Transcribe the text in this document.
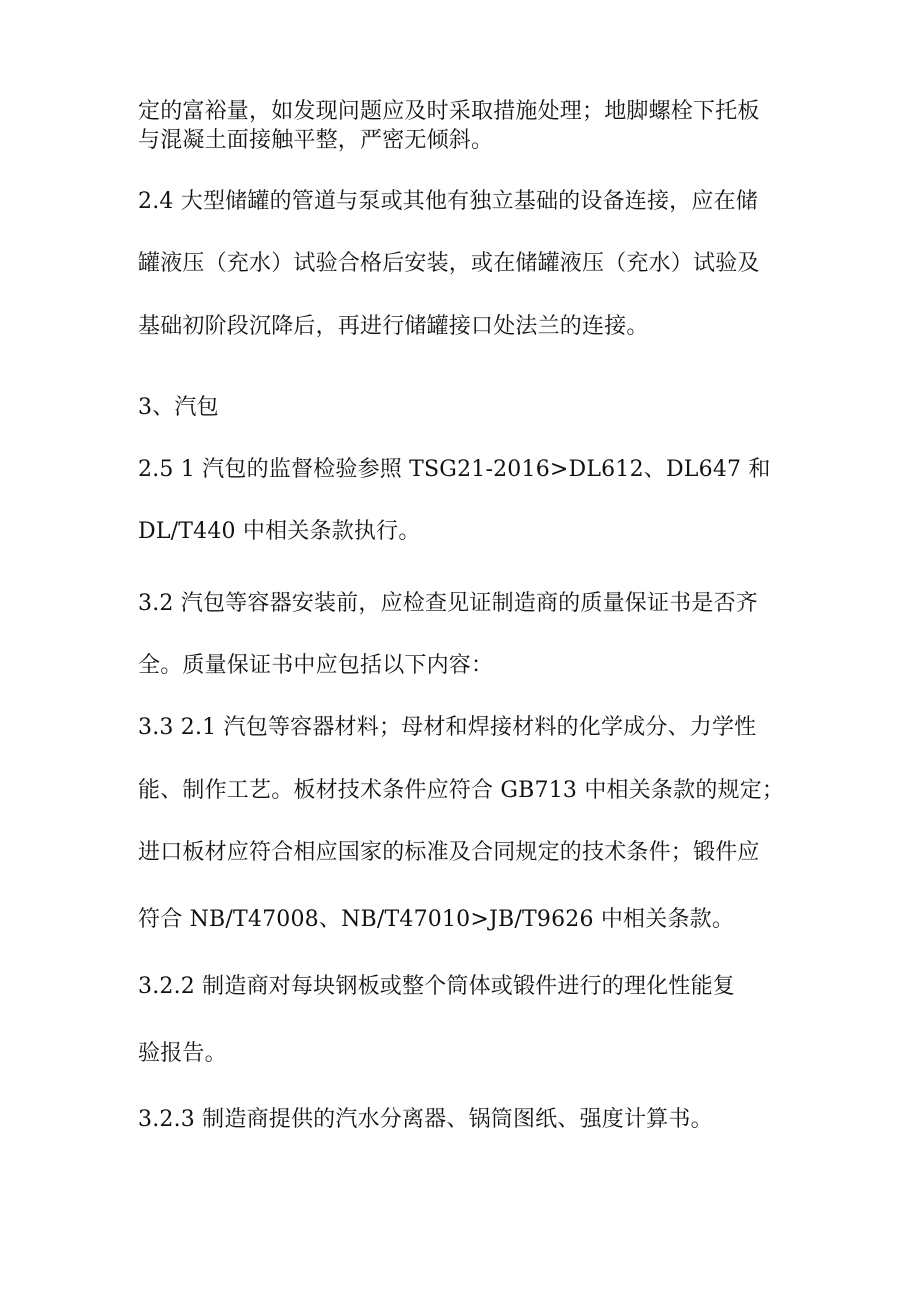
定的富裕量，如发现问题应及时采取措施处理；地脚螺栓下托板
与混凝土面接触平整，严密无倾斜。
2.4 大型储罐的管道与泵或其他有独立基础的设备连接，应在储
罐液压（充水）试验合格后安装，或在储罐液压（充水）试验及
基础初阶段沉降后，再进行储罐接口处法兰的连接。
3、汽包
2.5 1 汽包的监督检验参照 TSG21-2016>DL612、DL647 和
DL/T440 中相关条款执行。
3.2 汽包等容器安装前，应检查见证制造商的质量保证书是否齐
全。质量保证书中应包括以下内容：
3.3 2.1 汽包等容器材料；母材和焊接材料的化学成分、力学性
能、制作工艺。板材技术条件应符合 GB713 中相关条款的规定；
进口板材应符合相应国家的标准及合同规定的技术条件；锻件应
符合 NB/T47008、NB/T47010>JB/T9626 中相关条款。
3.2.2 制造商对每块钢板或整个筒体或锻件进行的理化性能复
验报告。
3.2.3 制造商提供的汽水分离器、锅筒图纸、强度计算书。
